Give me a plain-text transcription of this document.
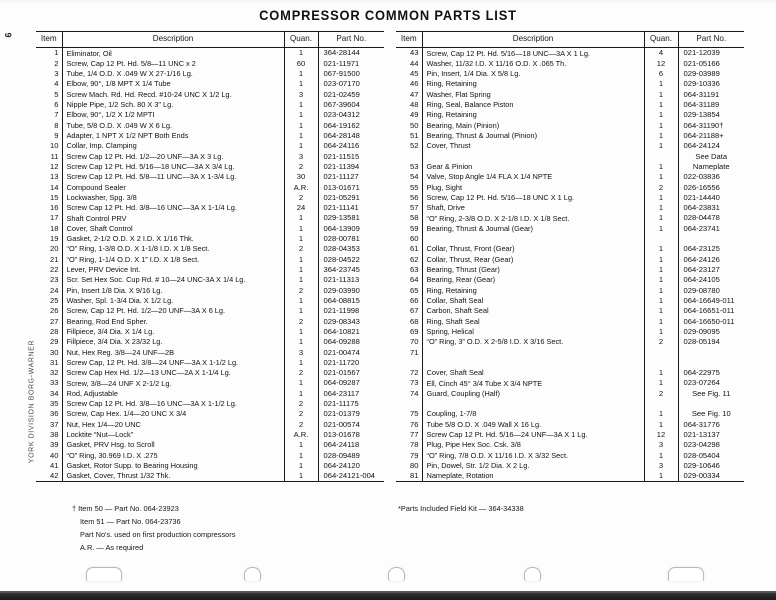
COMPRESSOR COMMON PARTS LIST
6
YORK DIVISION BORG-WARNER
Item	Description	Quan.	Part No.
1	Eliminator, Oil	1	364-28144
2	Screw, Cap 12 Pt. Hd. 5/8—11 UNC x 2	60	021-11971
3	Tube, 1/4 O.D. X .049 W X 27-1/16 Lg.	1	067-91500
4	Elbow, 90°, 1/8 MPT X 1/4 Tube	1	023-07170
5	Screw Mach. Rd. Hd. Recd. #10-24 UNC X 1/2 Lg.	3	021-02459
6	Nipple Pipe, 1/2 Sch. 80 X 3" Lg.	1	067-39604
7	Elbow, 90°, 1/2 X 1/2 MPTI	1	023-04312
8	Tube, 5/8 O.D. X .049 W X 6 Lg.	1	064-19162
9	Adapter, 1 NPT X 1/2 NPT Both Ends	1	064-28148
10	Collar, Imp. Clamping	1	064-24116
11	Screw Cap 12 Pt. Hd. 1/2—20 UNF—3A X 3 Lg.	3	021-11515
12	Screw Cap 12 Pt. Hd. 5/16—18 UNC—3A X 3/4 Lg.	2	021-11394
13	Screw Cap 12 Pt. Hd. 5/8—11 UNC—3A X 1-3/4 Lg.	30	021-11127
14	Compound Sealer	A.R.	013-01671
15	Lockwasher, Spg. 3/8	2	021-05291
16	Screw Cap 12 Pt. Hd. 3/8—16 UNC—3A X 1-1/4 Lg.	24	021-11141
17	Shaft Control PRV	1	029-13581
18	Cover, Shaft Control	1	064-13909
19	Gasket, 2-1/2 O.D. X 2 I.D. X 1/16 Thk.	1	028-00781
20	“O” Ring, 1-3/8 O.D. X 1-1/8 I.D. X 1/8 Sect.	2	028-04353
21	“O” Ring, 1-1/4 O.D. X 1” I.D. X 1/8 Sect.	1	028-04522
22	Lever, PRV Device Int.	1	364-23745
23	Scr. Set Hex Soc. Cup Rd. # 10—24 UNC-3A X 1/4 Lg.	1	021-11313
* 24	Pin, Insert 1/8 Dia. X 9/16 Lg.	2	029-03990
25	Washer, Spl. 1-3/4 Dia. X 1/2 Lg.	1	064-08815
26	Screw, Cap 12 Pt. Hd. 1/2—20 UNF—3A X 6 Lg.	1	021-11998
27	Bearing, Rod End Spher.	2	029-08343
28	Fillpiece, 3/4 Dia. X 1/4 Lg.	1	064-10821
29	Fillpiece, 3/4 Dia. X 23/32 Lg.	1	064-09288
30	Nut, Hex Reg. 3/8—24 UNF—2B	3	021-00474
31	Screw Cap, 12 Pt. Hd. 3/8—24 UNF—3A X 1-1/2 Lg.	1	021-11720
32	Screw Cap Hex Hd. 1/2—13 UNC—2A X 1-1/4 Lg.	2	021-01567
33	Screw, 3/8—24 UNF X 2-1/2 Lg.	1	064-09287
34	Rod, Adjustable	1	064-23117
35	Screw Cap 12 Pt. Hd. 3/8—16 UNC—3A X 1-1/2 Lg.	2	021-11175
36	Screw, Cap Hex. 1/4—20 UNC X 3/4	2	021-01379
37	Nut, Hex 1/4—20 UNC	2	021-00574
38	Locktite “Nut—Lock”	A.R.	013-01678
* 39	Gasket, PRV Hsg. to Scroll	1	064-24118
40	“O” Ring, 30.969 I.D. X .275	1	028-09489
* 41	Gasket, Rotor Supp. to Bearing Housing	1	064-24120
* 42	Gasket, Cover, Thrust 1/32 Thk.	1	064-24121-004
Item	Description	Quan.	Part No.
43	Screw, Cap 12 Pt. Hd. 5/16—18 UNC—3A X 1 Lg.	4	021-12039
44	Washer, 11/32 I.D. X 11/16 O.D. X .065 Th.	12	021-05166
45	Pin, Insert, 1/4 Dia. X 5/8 Lg.	6	029-03989
46	Ring, Retaining	1	029-10336
47	Washer, Flat Spring	1	064-31191
48	Ring, Seal, Balance Piston	1	064-31189
49	Ring, Retaining	1	029-13854
* 50	Bearing, Main (Pinion)	1	064-31190†
* 51	Bearing, Thrust & Journal (Pinion)	1	064-21188+
* 52	Cover, Thrust	1	064-24124
			See Data
53	Gear & Pinion	1	Nameplate
54	Valve, Stop Angle 1/4 FLA X 1/4 NPTE	1	022-03836
55	Plug, Sight	2	026-16556
56	Screw, Cap 12 Pt. Hd. 5/16—18 UNC X 1 Lg.	1	021-14440
57	Shaft, Drive	1	064-23831
* 58	“O” Ring, 2-3/8 O.D. X 2-1/8 I.D. X 1/8 Sect.	1	028-04478
* 59	Bearing, Thrust & Journal (Gear)	1	064-23741
60			
61	Collar, Thrust, Front (Gear)	1	064-23125
62	Collar, Thrust, Rear (Gear)	1	064-24126
* 63	Bearing, Thrust (Gear)	1	064-23127
* 64	Bearing, Rear (Gear)	1	064-24105
65	Ring, Retaining	1	029-08780
66	Collar, Shaft Seal	1	064-16649-011
67	Carbon, Shaft Seal	1	064-16651-011
68	Ring, Shaft Seal	1	064-16650-011
69	Spring, Helical	1	029-09095
70	“O” Ring, 3” O.D. X 2-5/8 I.D. X 3/16 Sect.	2	028-05194
71			

72	Cover, Shaft Seal	1	064-22975
73	Ell, Cinch 45° 3/4 Tube X 3/4 NPTE	1	023-07264
74	Guard, Coupling (Half)	2	See Fig. 11

75	Coupling, 1-7/8	1	See Fig. 10
76	Tube 5/8 O.D. X .049 Wall X 16 Lg.	1	064-31776
77	Screw Cap 12 Pt. Hd. 5/16—24 UNF—3A X 1 Lg.	12	021-13137
78	Plug, Pipe Hex Soc. Csk. 3/8	3	023-04298
* 79	“O” Ring, 7/8 O.D. X 11/16 I.D. X 3/32 Sect.	1	028-05404
80	Pin, Dowel, Str. 1/2 Dia. X 2 Lg.	3	029-10646
81	Nameplate, Rotation	1	029-00334
† Item 50 — Part No. 064-23923
Item 51 — Part No. 064-23736
Part No's. used on first production compressors
A.R. — As required
*Parts Included Field Kit — 364-34338
